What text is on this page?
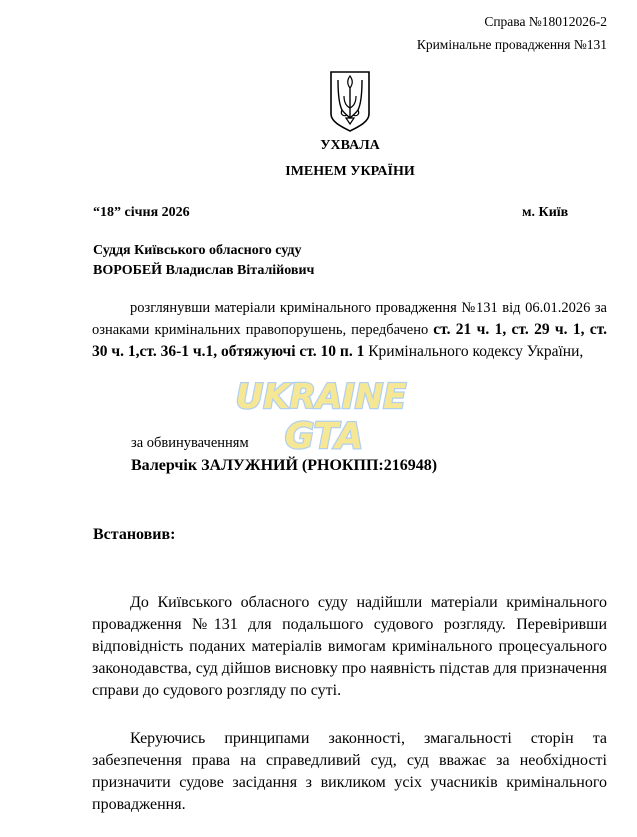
Справа №18012026-2
Кримінальне провадження №131
УХВАЛА
ІМЕНЕМ УКРАЇНИ
“18” січня 2026	м. Київ
Суддя Київського обласного суду
ВОРОБЕЙ Владислав Віталійович
розглянувши матеріали кримінального провадження №131 від 06.01.2026 за ознаками кримінальних правопорушень, передбачено ст. 21 ч. 1, ст. 29 ч. 1, ст. 30 ч. 1,ст. 36-1 ч.1, обтяжуючі ст. 10 п. 1 Кримінального кодексу України,
UKRAINE
GTA
за обвинуваченням
Валерчік ЗАЛУЖНИЙ (РНОКПП:216948)
Встановив:
До Київського обласного суду надійшли матеріали кримінального провадження №131 для подальшого судового розгляду. Перевіривши відповідність поданих матеріалів вимогам кримінального процесуального законодавства, суд дійшов висновку про наявність підстав для призначення справи до судового розгляду по суті.
Керуючись принципами законності, змагальності сторін та забезпечення права на справедливий суд, суд вважає за необхідності призначити судове засідання з викликом усіх учасників кримінального провадження.
